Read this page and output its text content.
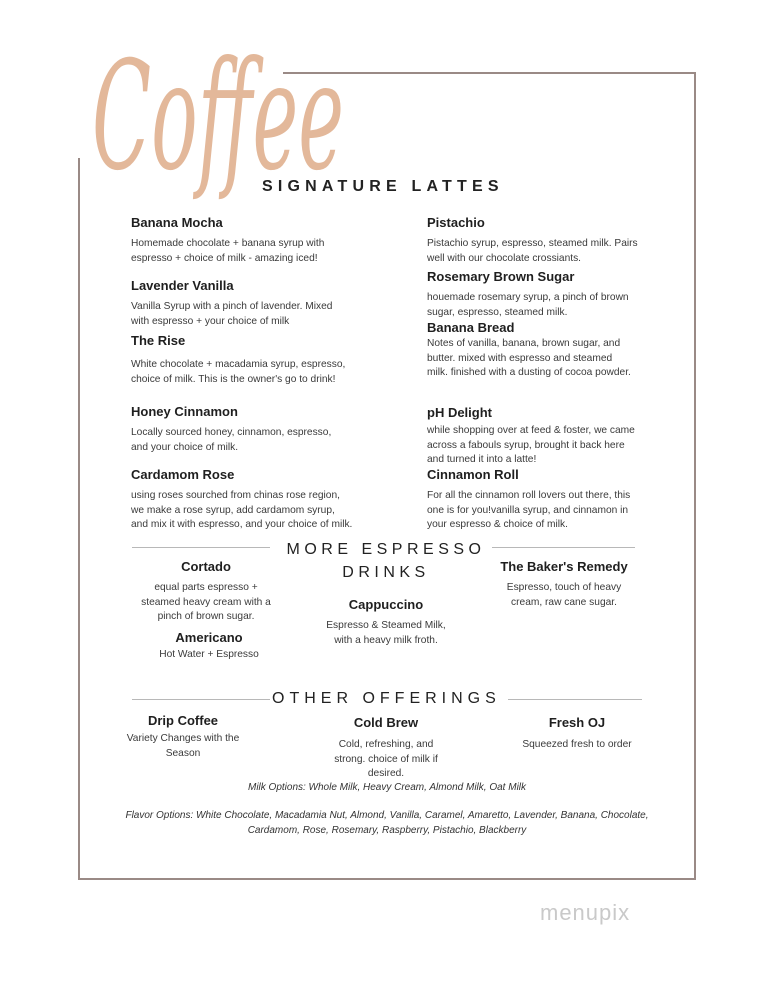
Coffee
SIGNATURE LATTES
Banana Mocha
Homemade chocolate + banana syrup with espresso + choice of milk - amazing iced!
Lavender Vanilla
Vanilla Syrup with a pinch of lavender. Mixed with espresso + your choice of milk
The Rise
White chocolate + macadamia syrup, espresso, choice of milk. This is the owner's go to drink!
Honey Cinnamon
Locally sourced honey, cinnamon, espresso, and your choice of milk.
Cardamom Rose
using roses sourched from chinas rose region, we make a rose syrup, add cardamom syrup, and mix it with espresso, and your choice of milk.
Pistachio
Pistachio syrup, espresso, steamed milk. Pairs well with our chocolate crossiants.
Rosemary Brown Sugar
houemade rosemary syrup, a pinch of brown sugar, espresso, steamed milk.
Banana Bread
Notes of vanilla, banana, brown sugar, and butter. mixed with espresso and steamed milk. finished with a dusting of cocoa powder.
pH Delight
while shopping over at feed & foster, we came across a fabouls syrup, brought it back here and turned it into a latte!
Cinnamon Roll
For all the cinnamon roll lovers out there, this one is for you!vanilla syrup, and cinnamon in your espresso & choice of milk.
MORE ESPRESSO DRINKS
Cortado
equal parts espresso + steamed heavy cream with a pinch of brown sugar.
Americano
Hot Water + Espresso
Cappuccino
Espresso & Steamed Milk, with a heavy milk froth.
The Baker's Remedy
Espresso, touch of heavy cream, raw cane sugar.
OTHER OFFERINGS
Drip Coffee
Variety Changes with the Season
Cold Brew
Cold, refreshing, and strong. choice of milk if desired.
Fresh OJ
Squeezed fresh to order
Milk Options: Whole Milk, Heavy Cream, Almond Milk, Oat Milk
Flavor Options: White Chocolate, Macadamia Nut, Almond, Vanilla, Caramel, Amaretto, Lavender, Banana, Chocolate, Cardamom, Rose, Rosemary, Raspberry, Pistachio, Blackberry
menupix
